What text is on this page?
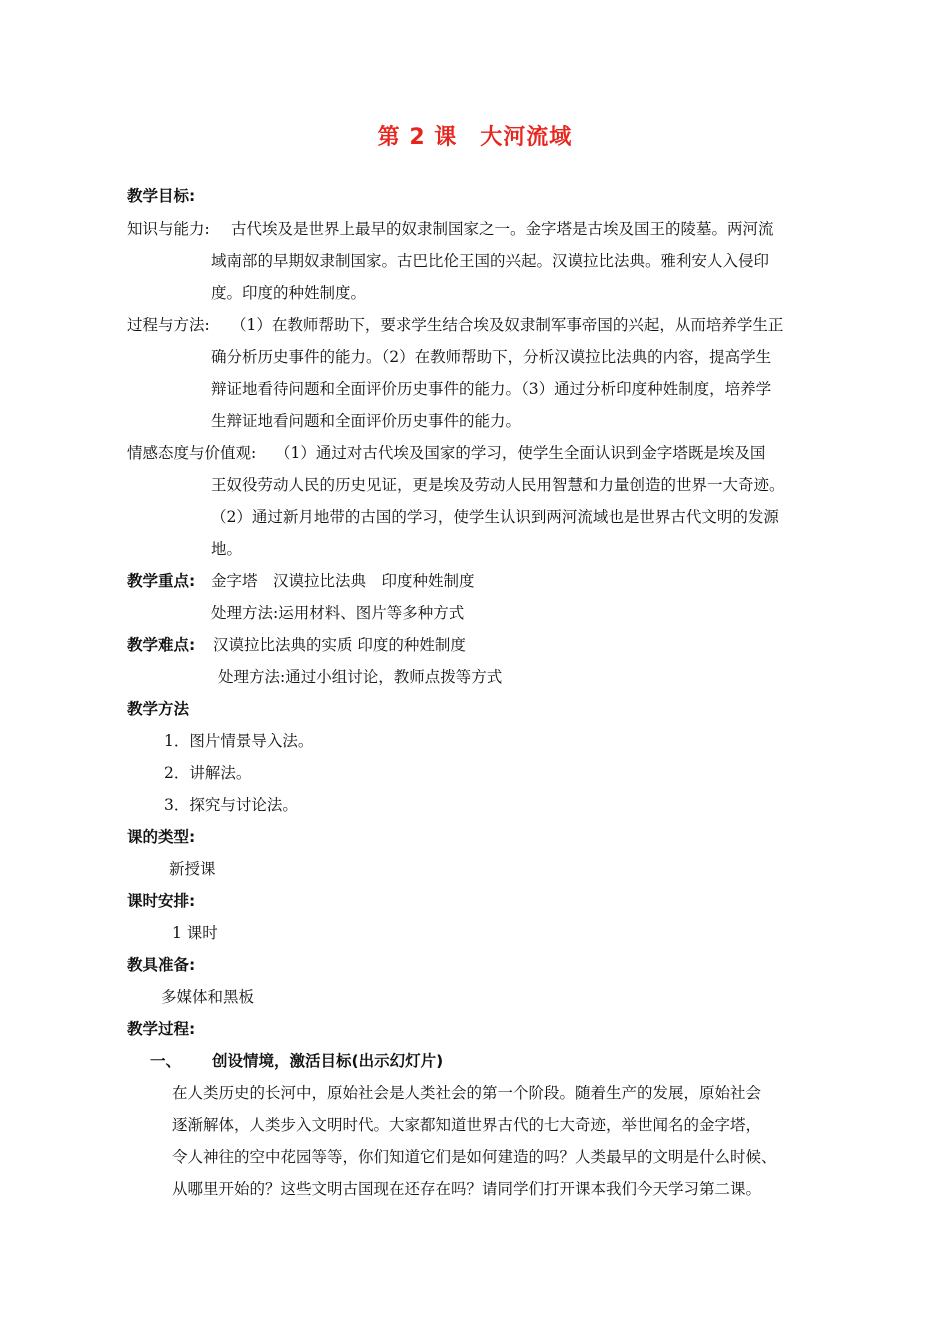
第 2 课　大河流域
教学目标:
知识与能力: 古代埃及是世界上最早的奴隶制国家之一。金字塔是古埃及国王的陵墓。两河流
域南部的早期奴隶制国家。古巴比伦王国的兴起。汉谟拉比法典。雅利安人入侵印
度。印度的种姓制度。
过程与方法: （1）在教师帮助下，要求学生结合埃及奴隶制军事帝国的兴起，从而培养学生正
确分析历史事件的能力。（2）在教师帮助下，分析汉谟拉比法典的内容，提高学生
辩证地看待问题和全面评价历史事件的能力。（3）通过分析印度种姓制度，培养学
生辩证地看问题和全面评价历史事件的能力。
情感态度与价值观: （1）通过对古代埃及国家的学习，使学生全面认识到金字塔既是埃及国
王奴役劳动人民的历史见证，更是埃及劳动人民用智慧和力量创造的世界一大奇迹。
（2）通过新月地带的古国的学习，使学生认识到两河流域也是世界古代文明的发源
地。
教学重点: 金字塔　汉谟拉比法典　印度种姓制度
处理方法:运用材料、图片等多种方式
教学难点: 汉谟拉比法典的实质 印度的种姓制度
处理方法:通过小组讨论，教师点拨等方式
教学方法
1．图片情景导入法。
2．讲解法。
3．探究与讨论法。
课的类型:
新授课
课时安排:
1 课时
教具准备:
多媒体和黑板
教学过程:
一、 创设情境，激活目标(出示幻灯片)
在人类历史的长河中，原始社会是人类社会的第一个阶段。随着生产的发展，原始社会
逐渐解体，人类步入文明时代。大家都知道世界古代的七大奇迹，举世闻名的金字塔，
令人神往的空中花园等等，你们知道它们是如何建造的吗？人类最早的文明是什么时候、
从哪里开始的？这些文明古国现在还存在吗？请同学们打开课本我们今天学习第二课。
